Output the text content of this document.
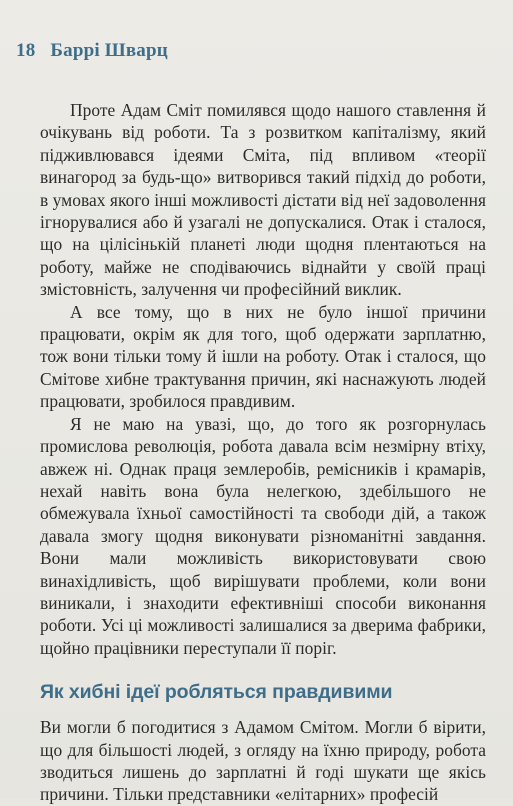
18 Баррі Шварц

Проте Адам Сміт помилявся щодо нашого ставлення й очікувань від роботи. Та з розвитком капіталізму, який підживлювався ідеями Сміта, під впливом «теорії винагород за будь-що» витворився такий підхід до роботи, в умовах якого інші можливості дістати від неї задоволення ігнорувалися або й узагалі не допускалися. Отак і сталося, що на цілісінькій планеті люди щодня плентаються на роботу, майже не сподіваючись віднайти у своїй праці змістовність, залучення чи професійний виклик.

А все тому, що в них не було іншої причини працювати, окрім як для того, щоб одержати зарплатню, тож вони тільки тому й ішли на роботу. Отак і сталося, що Смітове хибне трактування причин, які наснажують людей працювати, зробилося правдивим.

Я не маю на увазі, що, до того як розгорнулась промислова революція, робота давала всім незмірну втіху, авжеж ні. Однак праця землеробів, ремісників і крамарів, нехай навіть вона була нелегкою, здебільшого не обмежувала їхньої самостійності та свободи дій, а також давала змогу щодня виконувати різноманітні завдання. Вони мали можливість використовувати свою винахідливість, щоб вирішувати проблеми, коли вони виникали, і знаходити ефективніші способи виконання роботи. Усі ці можливості залишалися за дверима фабрики, щойно працівники переступали її поріг.

Як хибні ідеї робляться правдивими

Ви могли б погодитися з Адамом Смітом. Могли б вірити, що для більшості людей, з огляду на їхню природу, робота зводиться лишень до зарплатні й годі шукати ще якісь причини. Тільки представники «елітарних» професій
